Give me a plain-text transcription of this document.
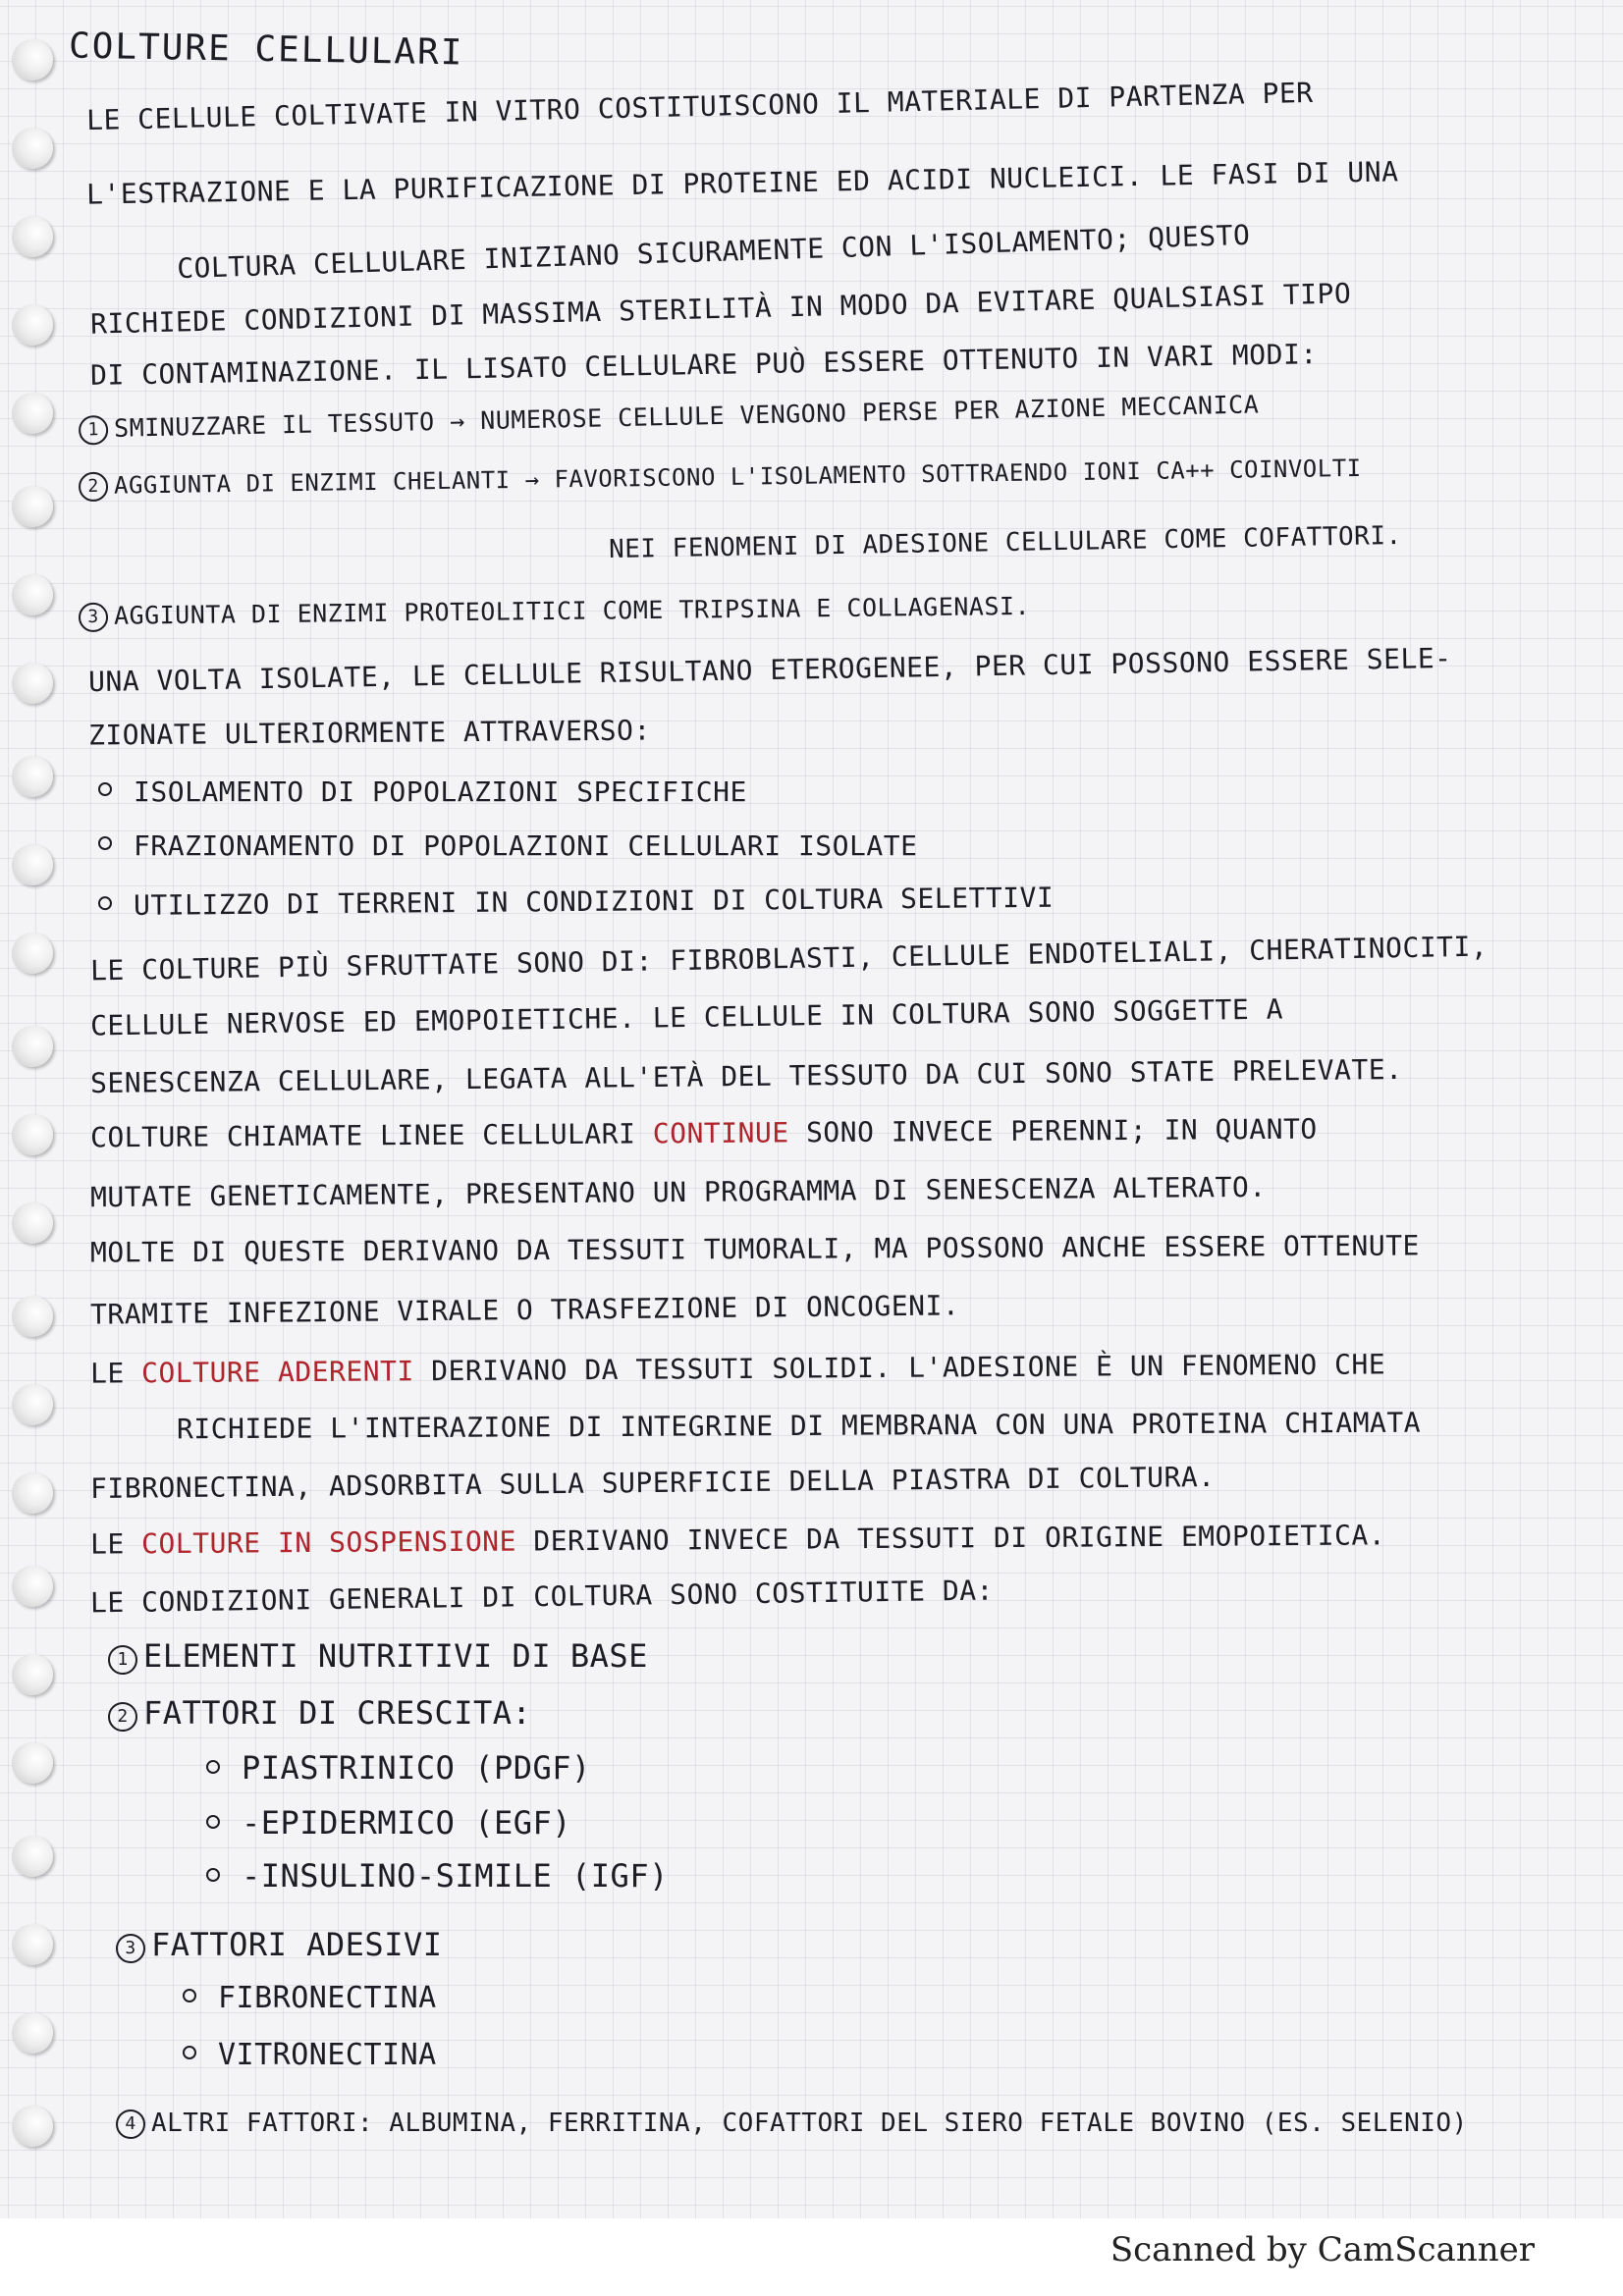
COLTURE CELLULARI
LE CELLULE COLTIVATE IN VITRO COSTITUISCONO IL MATERIALE DI PARTENZA PER
L'ESTRAZIONE E LA PURIFICAZIONE DI PROTEINE ED ACIDI NUCLEICI. LE FASI DI UNA
COLTURA CELLULARE INIZIANO SICURAMENTE CON L'ISOLAMENTO; QUESTO
RICHIEDE CONDIZIONI DI MASSIMA STERILITÀ IN MODO DA EVITARE QUALSIASI TIPO
DI CONTAMINAZIONE. IL LISATO CELLULARE PUÒ ESSERE OTTENUTO IN VARI MODI:
1 SMINUZZARE IL TESSUTO → NUMEROSE CELLULE VENGONO PERSE PER AZIONE MECCANICA
2 AGGIUNTA DI ENZIMI CHELANTI → FAVORISCONO L'ISOLAMENTO SOTTRAENDO IONI CA++ COINVOLTI
NEI FENOMENI DI ADESIONE CELLULARE COME COFATTORI.
3 AGGIUNTA DI ENZIMI PROTEOLITICI COME TRIPSINA E COLLAGENASI.
UNA VOLTA ISOLATE, LE CELLULE RISULTANO ETEROGENEE, PER CUI POSSONO ESSERE SELE-
ZIONATE ULTERIORMENTE ATTRAVERSO:
ISOLAMENTO DI POPOLAZIONI SPECIFICHE
FRAZIONAMENTO DI POPOLAZIONI CELLULARI ISOLATE
UTILIZZO DI TERRENI IN CONDIZIONI DI COLTURA SELETTIVI
LE COLTURE PIÙ SFRUTTATE SONO DI: FIBROBLASTI, CELLULE ENDOTELIALI, CHERATINOCITI,
CELLULE NERVOSE ED EMOPOIETICHE. LE CELLULE IN COLTURA SONO SOGGETTE A
SENESCENZA CELLULARE, LEGATA ALL'ETÀ DEL TESSUTO DA CUI SONO STATE PRELEVATE.
COLTURE CHIAMATE LINEE CELLULARI CONTINUE SONO INVECE PERENNI; IN QUANTO
MUTATE GENETICAMENTE, PRESENTANO UN PROGRAMMA DI SENESCENZA ALTERATO.
MOLTE DI QUESTE DERIVANO DA TESSUTI TUMORALI, MA POSSONO ANCHE ESSERE OTTENUTE
TRAMITE INFEZIONE VIRALE O TRASFEZIONE DI ONCOGENI.
LE COLTURE ADERENTI DERIVANO DA TESSUTI SOLIDI. L'ADESIONE È UN FENOMENO CHE
RICHIEDE L'INTERAZIONE DI INTEGRINE DI MEMBRANA CON UNA PROTEINA CHIAMATA
FIBRONECTINA, ADSORBITA SULLA SUPERFICIE DELLA PIASTRA DI COLTURA.
LE COLTURE IN SOSPENSIONE DERIVANO INVECE DA TESSUTI DI ORIGINE EMOPOIETICA.
LE CONDIZIONI GENERALI DI COLTURA SONO COSTITUITE DA:
1 ELEMENTI NUTRITIVI DI BASE
2 FATTORI DI CRESCITA:
PIASTRINICO (PDGF)
-EPIDERMICO (EGF)
-INSULINO-SIMILE (IGF)
3 FATTORI ADESIVI
FIBRONECTINA
VITRONECTINA
4 ALTRI FATTORI: ALBUMINA, FERRITINA, COFATTORI DEL SIERO FETALE BOVINO (ES. SELENIO)
Scanned by CamScanner
